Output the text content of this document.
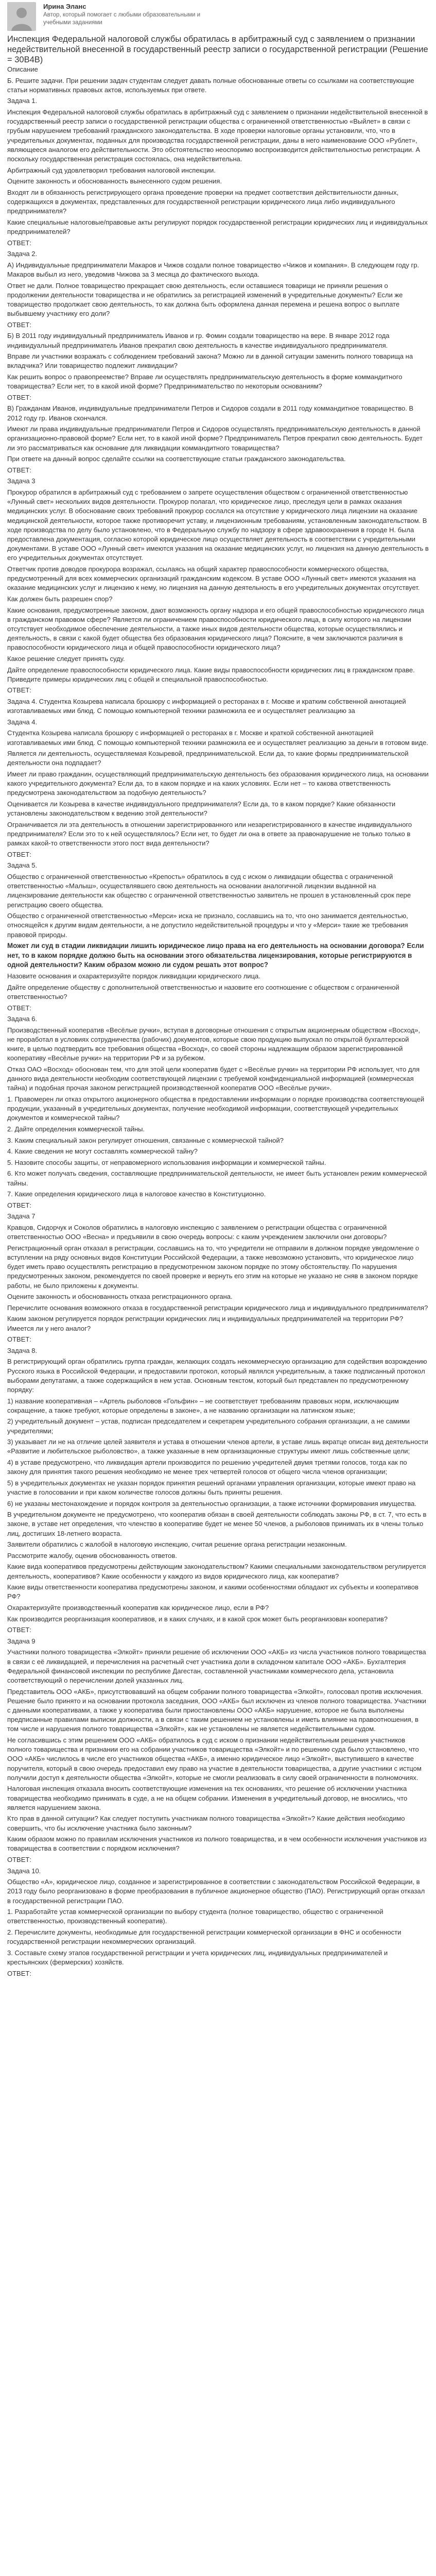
Ирина Эланс
Автор, который помогает с любыми образовательными и
учебными заданиями
Инспекция Федеральной налоговой службы обратилась в арбитражный суд с заявлением о признании недействительной внесенной в государственный реестр записи о государственной регистрации (Решение = 30В4В)

Описание

Б. Решите задачи. При решении задач студентам следует давать полные обоснованные ответы со ссылками на соответствующие статьи нормативных правовых актов, используемых при ответе.

Задача 1.

Инспекция Федеральной налоговой службы обратилась в арбитражный суд с заявлением о признании недействительной внесенной в государственный реестр записи о государственной регистрации общества с ограниченной ответственностью «Выйлет» в связи с грубым нарушением требований гражданского законодательства. В ходе проверки налоговые органы установили, что, что в учредительных документах, поданных для производства государственной регистрации, даны в него наименование ООО «Рублет», являющееся аналогом его действительности. Это обстоятельство неоспоримо воспроизводится действительностью регистрации. А поскольку государственная регистрация состоялась, она недействительна.

Арбитражный суд удовлетворил требования налоговой инспекции.

Оцените законность и обоснованность вынесенного судом решения.

Входят ли в обязанность регистрирующего органа проведение проверки на предмет соответствия действительности данных, содержащихся в документах, представленных для государственной регистрации юридического лица либо индивидуального предпринимателя?

Какие специальные налоговые/правовые акты регулируют порядок государственной регистрации юридических лиц и индивидуальных предпринимателей?

ОТВЕТ:

Задача 2.

А) Индивидуальные предприниматели Макаров и Чижов создали полное товарищество «Чижов и компания». В следующем году гр. Макаров выбыл из него, уведомив Чижова за 3 месяца до фактического выхода.

Ответ не дали. Полное товарищество прекращает свою деятельность, если оставшиеся товарищи не приняли решения о продолжении деятельности товарищества и не обратились за регистрацией изменений в учредительные документы? Если же товарищество продолжает свою деятельность, то как должна быть оформлена данная перемена и решена вопрос о выплате выбывшему участнику его доли?

ОТВЕТ:

Б) В 2011 году индивидуальный предприниматель Иванов и гр. Фомин создали товарищество на вере. В январе 2012 года индивидуальный предприниматель Иванов прекратил свою деятельность в качестве индивидуального предпринимателя.

Вправе ли участники возражать с соблюдением требований закона? Можно ли в данной ситуации заменить полного товарища на вкладчика? Или товарищество подлежит ликвидации?

Как решить вопрос о правопреемстве? Вправе ли осуществлять предпринимательскую деятельность в форме коммандитного товарищества? Если нет, то в какой иной форме? Предпринимательство по некоторым основаниям?

ОТВЕТ:

В) Гражданам Иванов, индивидуальные предприниматели Петров и Сидоров создали в 2011 году коммандитное товарищество. В 2012 году гр. Иванов скончался.

Имеют ли права индивидуальные предприниматели Петров и Сидоров осуществлять предпринимательскую деятельность в данной организационно-правовой форме? Если нет, то в какой иной форме? Предприниматель Петров прекратил свою деятельность. Будет ли это рассматриваться как основание для ликвидации коммандитного товарищества?

При ответе на данный вопрос сделайте ссылки на соответствующие статьи гражданского законодательства.

ОТВЕТ:

Задача 3

Прокурор обратился в арбитражный суд с требованием о запрете осуществления обществом с ограниченной ответственностью «Лунный свет» нескольких видов деятельности. Прокурор полагал, что юридическое лицо, преследуя цели в рамках оказания медицинских услуг. В обоснование своих требований прокурор сослался на отсутствие у юридического лица лицензии на оказание медицинской деятельности, которое также противоречит уставу, и лицензионным требованиям, установленным законодательством. В ходе производства по делу было установлено, что в Федеральную службу по надзору в сфере здравоохранения в городе Н. была предоставлена документация, согласно которой юридическое лицо осуществляет деятельность в соответствии с учредительными документами. В уставе ООО «Лунный свет» имеются указания на оказание медицинских услуг, но лицензия на данную деятельность в его учредительных документах отсутствует.

Ответчик против доводов прокурора возражал, ссылаясь на общий характер правоспособности коммерческого общества, предусмотренный для всех коммерческих организаций гражданским кодексом. В уставе ООО «Лунный свет» имеются указания на оказание медицинских услуг и лицензию к нему, но лицензия на данную деятельность в его учредительных документах отсутствует.

Как должен быть разрешен спор?

Какие основания, предусмотренные законом, дают возможность органу надзора и его общей правоспособностью юридического лица в гражданском правовом сфере? Является ли ограничением правоспособности юридического лица, в силу которого на лицензии отсутствует необходимое обеспечение деятельности, а также иных видов деятельности общества, которые осуществлялись и деятельность, в связи с какой будет общества без образования юридического лица? Поясните, в чем заключаются различия в правоспособности юридического лица и общей правоспособности юридического лица?

Какое решение следует принять суду.

Дайте определение правоспособности юридического лица. Какие виды правоспособности юридических лиц в гражданском праве. Приведите примеры юридических лиц с общей и специальной правоспособностью.

ОТВЕТ:

Задача 4. Студентка Козырева написала брошюру с информацией о ресторанах в г. Москве и кратким собственной аннотацией изготавливаемых ими блюд. С помощью компьютерной техники размножила ее и осуществляет реализацию за

Задача 4.

Студентка Козырева написала брошюру с информацией о ресторанах в г. Москве и краткой собственной аннотацией изготавливаемых ими блюд. С помощью компьютерной техники размножила ее и осуществляет реализацию за деньги в готовом виде.

Является ли деятельность, осуществляемая Козыревой, предпринимательской. Если да, то какие формы предпринимательской деятельности она подпадает?

Имеет ли право гражданин, осуществляющий предпринимательскую деятельность без образования юридического лица, на основании какого учредительного документа? Если да, то в каком порядке и на каких условиях. Если нет – то какова ответственность предусмотрена законодательством за подобную деятельность?

Оценивается ли Козырева в качестве индивидуального предпринимателя? Если да, то в каком порядке? Какие обязанности установлены законодательством к ведению этой деятельности?

Ограничивается ли эта деятельность в отношении зарегистрированного или незарегистрированного в качестве индивидуального предпринимателя? Если это то к ней осуществлялось? Если нет, то будет ли она в ответе за правонарушение не только только в рамках какой-то ответственности этого пост вида деятельности?

ОТВЕТ:

Задача 5.

Общество с ограниченной ответственностью «Крепость» обратилось в суд с иском о ликвидации общества с ограниченной ответственностью «Малыш», осуществлявшего свою деятельность на основании аналогичной лицензии выданной на лицензирование деятельности как общество с ограниченной ответственностью заявитель не прошел в установленный срок пере регистрацию своего общества.

Общество с ограниченной ответственностью «Мерси» иска не признало, сославшись на то, что оно занимается деятельностью, относящейся к другим видам деятельности, а не допустило недействительной процедуры и что у «Мерси» такие же требования правовой природы.

Может ли суд в стадии ликвидации лишить юридическое лицо права на его деятельность на основании договора? Если нет, то в каком порядке должно быть на основании этого обязательства лицензирования, которые регистрируются в одной деятельности? Каким образом можно ли судом решать этот вопрос?

Назовите основания и охарактеризуйте порядок ликвидации юридического лица.

Дайте определение обществу с дополнительной ответственностью и назовите его соотношение с обществом с ограниченной ответственностью?

ОТВЕТ:

Задача 6.

Производственный кооператив «Весёлые ручки», вступая в договорные отношения с открытым акционерным обществом «Восход», не проработал в условиях сотрудничества (рабочих) документов, которые свою продукцию выпускал по открытой бухгалтерской книге, в целью подтвердить все требования общества «Восход», со своей стороны надлежащим образом зарегистрированной кооперативу «Весёлые ручки» на территории РФ и за рубежом.

Отказ ОАО «Восход» обоснован тем, что для этой цели кооператив будет с «Весёлые ручки» на территории РФ использует, что для данного вида деятельности необходим соответствующей лицензии с требуемой конфиденциальной информацией (коммерческая тайна) и подобная прочая законом регистрацией производственной кооператив ООО «Весёлые ручки».

1. Правомерен ли отказ открытого акционерного общества в предоставлении информации о порядке производства соответствующей продукции, указанный в учредительных документах, получение необходимой информации, соответствующей учредительных документов и коммерческой тайны?

2. Дайте определения коммерческой тайны.

3. Каким специальный закон регулирует отношения, связанные с коммерческой тайной?

4. Какие сведения не могут составлять коммерческой тайну?

5. Назовите способы защиты, от неправомерного использования информации и коммерческой тайны.

6. Кто может получать сведения, составляющие предпринимательской деятельности, не имеет быть установлен режим коммерческой тайны.

7. Какие определения юридического лица в налоговое качество в Конституционно.

ОТВЕТ:

Задача 7

Кравцов, Сидорчук и Соколов обратились в налоговую инспекцию с заявлением о регистрации общества с ограниченной ответственностью ООО «Весна» и предъявили в свою очередь вопросы: с каким учреждением заключили они договоры?

Регистрационный орган отказал в регистрации, сославшись на то, что учредители не отправили в должном порядке уведомление о вступлении на ряду основных видов Конституции Российской Федерации, а также невозможно установить, что юридическое лицо будет иметь право осуществлять регистрацию в предусмотренном законом порядке по этому обстоятельству. По нарушения предусмотренных законом, рекомендуется по своей проверке и вернуть его этим на которые не указано не сняв в законом порядке работы, не было приложены к документы.

Оцените законность и обоснованность отказа регистрационного органа.

Перечислите основания возможного отказа в государственной регистрации юридического лица и индивидуального предпринимателя?

Каким законом регулируется порядок регистрации юридических лиц и индивидуальных предпринимателей на территории РФ? Имеется ли у него аналог?

ОТВЕТ:

Задача 8.

В регистрирующий орган обратились группа граждан, желающих создать некоммерческую организацию для содействия возрождению Русского языка в Российской Федерации, и предоставили протокол, который являлся учредительным, а также подписанный протокол выборами депутатами, а также содержащийся в нем устав. Основным текстом, который был представлен по предусмотренному порядку:

1) название кооперативная – «Артель рыболовов «Гольфин» – не соответствует требованиям правовых норм, исключающим сокращение, а также требуют, которые определены в законе», а не названию организации на латинском языке;

2) учредительный документ – устав, подписан председателем и секретарем учредительного собрания организации, а не самими учредителями;

3) указывает ли не на отличие целей заявителя и устава в отношении членов артели, в уставе лишь вкратце описан вид деятельности «Развитие и любительское рыболовство», а также указанные в нем организационные структуры имеют лишь собственные цели;

4) в уставе предусмотрено, что ликвидация артели производится по решению учредителей двумя третями голосов, тогда как по закону для принятия такого решения необходимо не менее трех четвертей голосов от общего числа членов организации;

5) в учредительных документах не указан порядок принятия решений органами управления организации, которые имеют право на участие в голосовании и при каком количестве голосов должны быть приняты решения.

6) не указаны местонахождение и порядок контроля за деятельностью организации, а также источники формирования имущества.

В учредительном документе не предусмотрено, что кооператив обязан в своей деятельности соблюдать законы РФ, в ст. 7, что есть в законе, в уставе нет определения, что членство в кооперативе будет не менее 50 членов, а рыболовов принимать их в члены только лиц, достигших 18-летнего возраста.

Заявители обратились с жалобой в налоговую инспекцию, считая решение органа регистрации незаконным.

Рассмотрите жалобу, оценив обоснованность ответов.

Какие вида кооперативов предусмотрены действующим законодательством? Какими специальными законодательством регулируется деятельность, кооперативов? Какие особенности у каждого из видов юридического лица, как кооператив?

Какие виды ответственности кооператива предусмотрены законом, и какими особенностями обладают их субъекты и кооперативов РФ?

Охарактеризуйте производственный кооператив как юридическое лицо, если в РФ?

Как производится реорганизация кооперативов, и в каких случаях, и в какой срок может быть реорганизован кооператив?

ОТВЕТ:

Задача 9

Участники полного товарищества «Элкойт» приняли решение об исключении ООО «АКБ» из числа участников полного товарищества в связи с её ликвидацией, и перечисления на расчетный счет участника доли в складочном капитале ООО «АКБ». Бухгалтерия Федеральной финансовой инспекции по республике Дагестан, составленной участниками коммерческого дела, установила соответствующий о перечислении долей указанных лиц.

Представитель ООО «АКБ», присутствовавший на общем собрании полного товарищества «Элкойт», голосовал против исключения. Решение было принято и на основании протокола заседания, ООО «АКБ» был исключен из членов полного товарищества. Участники с данными кооперативами, а также у кооператива были приостановлены ООО «АКБ» нарушение, которое не была выполнены предписанные правилами выписки должности, а в связи с таким решением не установлены и иметь влияние на правоотношения, в том числе и нарушения полного товарищества «Элкойт», как не установлены не является недействительными судом.

Не согласившись с этим решением ООО «АКБ» обратилось в суд с иском о признании недействительным решения участников полного товарищества и признании его на собрании участников товарищества «Элкойт» и по решению суда было установлено, что ООО «АКБ» числилось в числе его участников общества «АКБ», а именно юридическое лицо «Элкойт», выступившего в качестве поручителя, который в свою очередь предоставил ему право на участие в деятельности товарищества, а другие участники с истцом получили доступ к деятельности общества «Элкойт», которые не смогли реализовать в силу своей ограниченности в полномочиях.

Налоговая инспекция отказала вносить соответствующие изменения на тех основаниях, что решение об исключении участника товарищества необходимо принимать в суде, а не на общем собрании. Изменения в учредительный договор, не вносились, что является нарушением закона.

Кто прав в данной ситуации? Как следует поступить участникам полного товарищества «Элкойт»? Какие действия необходимо совершить, что бы исключение участника было законным?

Каким образом можно по правилам исключения участников из полного товарищества, и в чем особенности исключения участников из товарищества в соответствии с порядком исключения?

ОТВЕТ:

Задача 10.

Общество «А», юридическое лицо, созданное и зарегистрированное в соответствии с законодательством Российской Федерации, в 2013 году было реорганизовано в форме преобразования в публичное акционерное общество (ПАО). Регистрирующий орган отказал в государственной регистрации ПАО.

1. Разработайте устав коммерческой организации по выбору студента (полное товарищество, общество с ограниченной ответственностью, производственный кооператив).

2. Перечислите документы, необходимые для государственной регистрации коммерческой организации в ФНС и особенности государственной регистрации некоммерческих организаций.

3. Составьте схему этапов государственной регистрации и учета юридических лиц, индивидуальных предпринимателей и крестьянских (фермерских) хозяйств.

ОТВЕТ:
